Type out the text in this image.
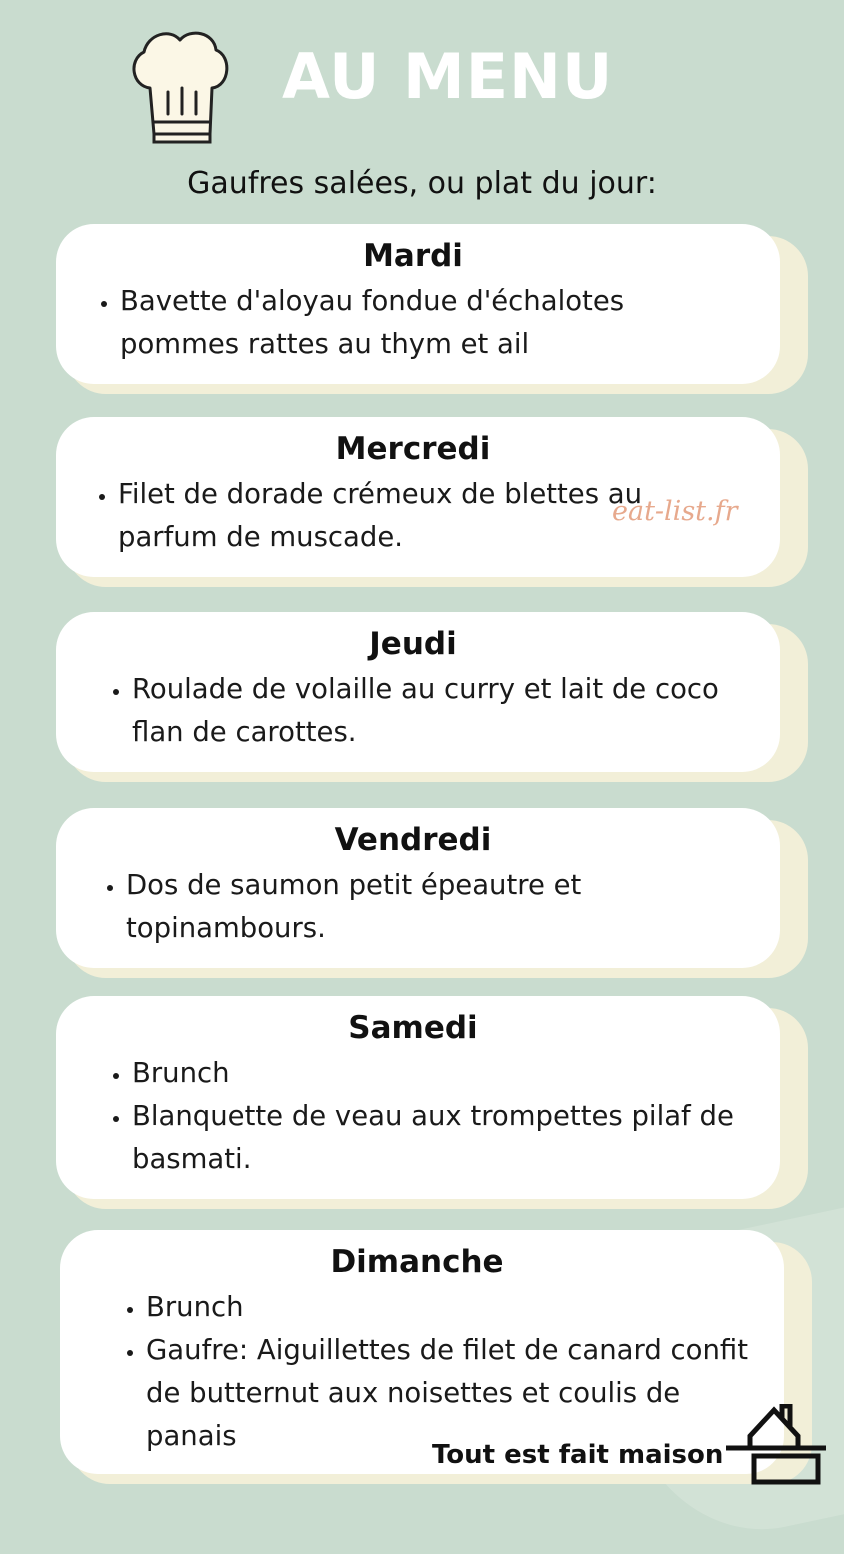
AU MENU
Gaufres salées, ou plat du jour:
Mardi
• Bavette d'aloyau fondue d'échalotes pommes rattes au thym et ail
Mercredi
• Filet de dorade crémeux de blettes au parfum de muscade.
Jeudi
• Roulade de volaille au curry et lait de coco flan de carottes.
Vendredi
• Dos de saumon petit épeautre et topinambours.
Samedi
• Brunch
• Blanquette de veau aux trompettes pilaf de basmati.
Dimanche
• Brunch
• Gaufre: Aiguillettes de filet de canard confit de butternut aux noisettes et coulis de panais
eat-list.fr
Tout est fait maison
